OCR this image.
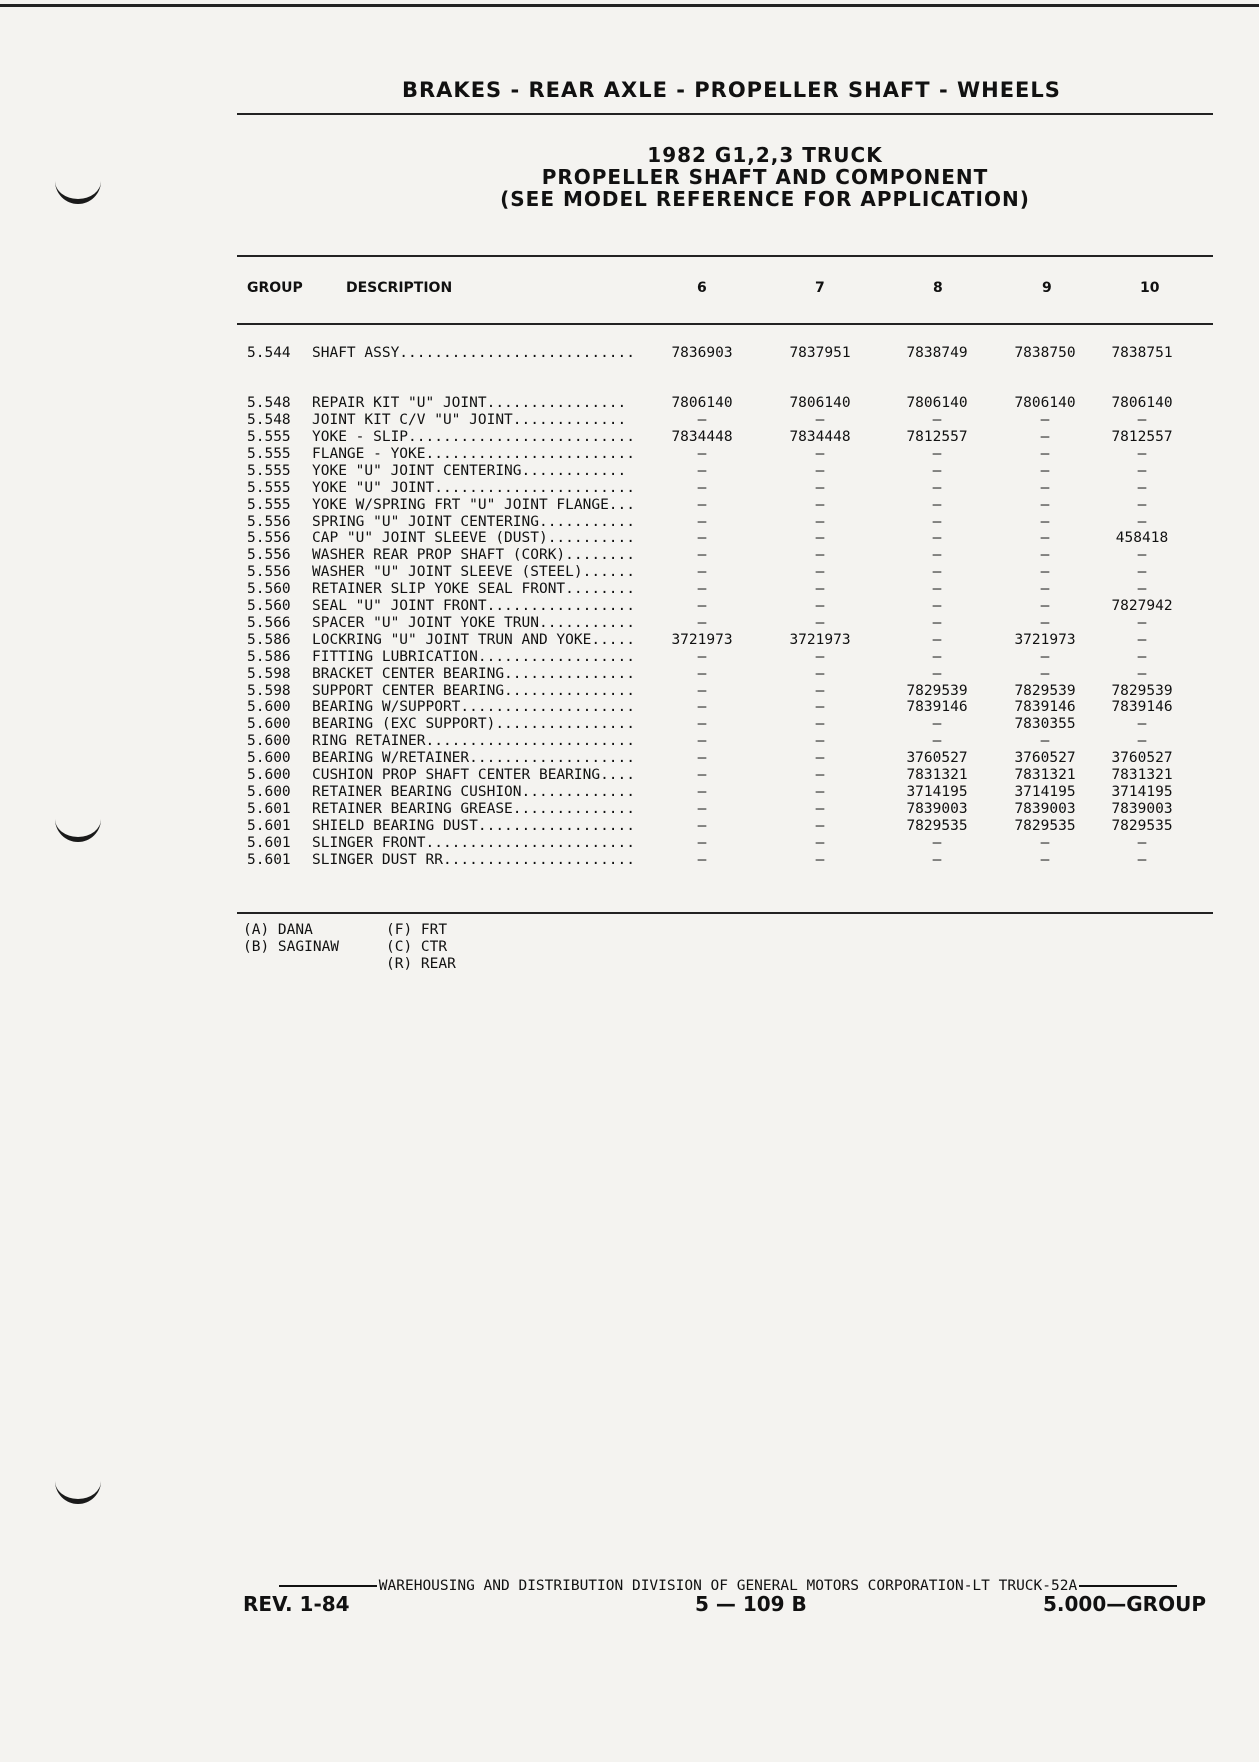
BRAKES - REAR AXLE - PROPELLER SHAFT - WHEELS
1982 G1,2,3 TRUCK
PROPELLER SHAFT AND COMPONENT
(SEE MODEL REFERENCE FOR APPLICATION)
GROUP	DESCRIPTION	6	7	8	9	10
5.544	SHAFT ASSY...........................	7836903	7837951	7838749	7838750	7838751
5.548	REPAIR KIT "U" JOINT................	7806140	7806140	7806140	7806140	7806140
5.548	JOINT KIT C/V "U" JOINT.............	—	—	—	—	—
5.555	YOKE - SLIP..........................	7834448	7834448	7812557	—	7812557
5.555	FLANGE - YOKE........................	—	—	—	—	—
5.555	YOKE "U" JOINT CENTERING............	—	—	—	—	—
5.555	YOKE "U" JOINT.......................	—	—	—	—	—
5.555	YOKE W/SPRING FRT "U" JOINT FLANGE...	—	—	—	—	—
5.556	SPRING "U" JOINT CENTERING...........	—	—	—	—	—
5.556	CAP "U" JOINT SLEEVE (DUST)..........	—	—	—	—	458418
5.556	WASHER REAR PROP SHAFT (CORK)........	—	—	—	—	—
5.556	WASHER "U" JOINT SLEEVE (STEEL)......	—	—	—	—	—
5.560	RETAINER SLIP YOKE SEAL FRONT........	—	—	—	—	—
5.560	SEAL "U" JOINT FRONT.................	—	—	—	—	7827942
5.566	SPACER "U" JOINT YOKE TRUN...........	—	—	—	—	—
5.586	LOCKRING "U" JOINT TRUN AND YOKE.....	3721973	3721973	—	3721973	—
5.586	FITTING LUBRICATION..................	—	—	—	—	—
5.598	BRACKET CENTER BEARING...............	—	—	—	—	—
5.598	SUPPORT CENTER BEARING...............	—	—	7829539	7829539	7829539
5.600	BEARING W/SUPPORT....................	—	—	7839146	7839146	7839146
5.600	BEARING (EXC SUPPORT)................	—	—	—	7830355	—
5.600	RING RETAINER........................	—	—	—	—	—
5.600	BEARING W/RETAINER...................	—	—	3760527	3760527	3760527
5.600	CUSHION PROP SHAFT CENTER BEARING....	—	—	7831321	7831321	7831321
5.600	RETAINER BEARING CUSHION.............	—	—	3714195	3714195	3714195
5.601	RETAINER BEARING GREASE..............	—	—	7839003	7839003	7839003
5.601	SHIELD BEARING DUST..................	—	—	7829535	7829535	7829535
5.601	SLINGER FRONT........................	—	—	—	—	—
5.601	SLINGER DUST RR......................	—	—	—	—	—
(A) DANA
(B) SAGINAW
(F) FRT
(C) CTR
(R) REAR
WAREHOUSING AND DISTRIBUTION DIVISION OF GENERAL MOTORS CORPORATION-LT TRUCK-52A
REV. 1-84	5 — 109 B	5.000—GROUP
